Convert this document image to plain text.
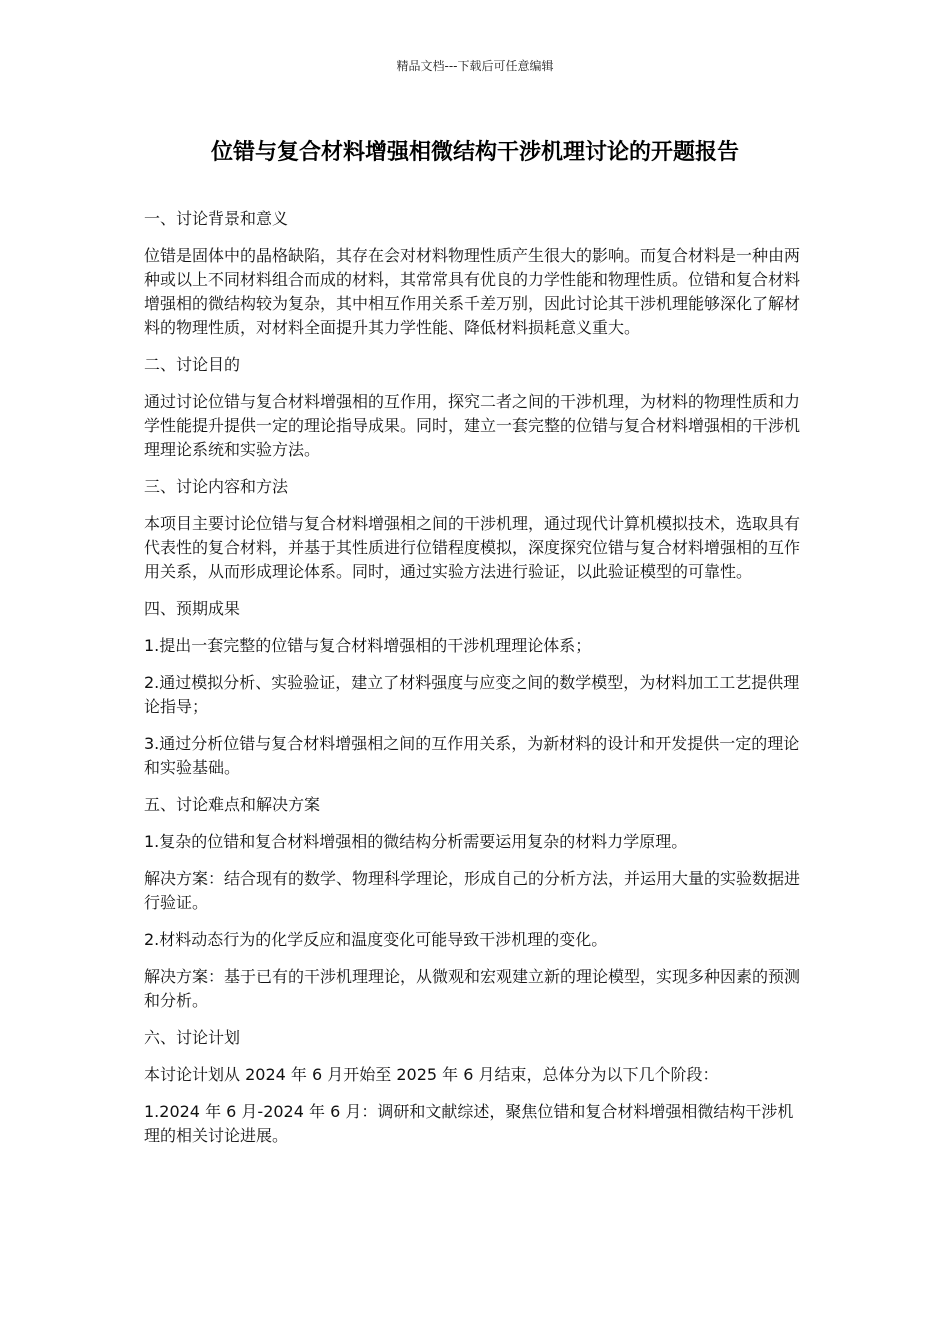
精品文档---下载后可任意编辑
位错与复合材料增强相微结构干涉机理讨论的开题报告

一、讨论背景和意义

位错是固体中的晶格缺陷，其存在会对材料物理性质产生很大的影响。而复合材料是一种由两种或以上不同材料组合而成的材料，其常常具有优良的力学性能和物理性质。位错和复合材料增强相的微结构较为复杂，其中相互作用关系千差万别，因此讨论其干涉机理能够深化了解材料的物理性质，对材料全面提升其力学性能、降低材料损耗意义重大。

二、讨论目的

通过讨论位错与复合材料增强相的互作用，探究二者之间的干涉机理，为材料的物理性质和力学性能提升提供一定的理论指导成果。同时，建立一套完整的位错与复合材料增强相的干涉机理理论系统和实验方法。

三、讨论内容和方法

本项目主要讨论位错与复合材料增强相之间的干涉机理，通过现代计算机模拟技术，选取具有代表性的复合材料，并基于其性质进行位错程度模拟，深度探究位错与复合材料增强相的互作用关系，从而形成理论体系。同时，通过实验方法进行验证，以此验证模型的可靠性。

四、预期成果

1.提出一套完整的位错与复合材料增强相的干涉机理理论体系；

2.通过模拟分析、实验验证，建立了材料强度与应变之间的数学模型，为材料加工工艺提供理论指导；

3.通过分析位错与复合材料增强相之间的互作用关系，为新材料的设计和开发提供一定的理论和实验基础。

五、讨论难点和解决方案

1.复杂的位错和复合材料增强相的微结构分析需要运用复杂的材料力学原理。

解决方案：结合现有的数学、物理科学理论，形成自己的分析方法，并运用大量的实验数据进行验证。

2.材料动态行为的化学反应和温度变化可能导致干涉机理的变化。

解决方案：基于已有的干涉机理理论，从微观和宏观建立新的理论模型，实现多种因素的预测和分析。

六、讨论计划

本讨论计划从 2024 年 6 月开始至 2025 年 6 月结束，总体分为以下几个阶段：

1.2024 年 6 月-2024 年 6 月：调研和文献综述，聚焦位错和复合材料增强相微结构干涉机理的相关讨论进展。
